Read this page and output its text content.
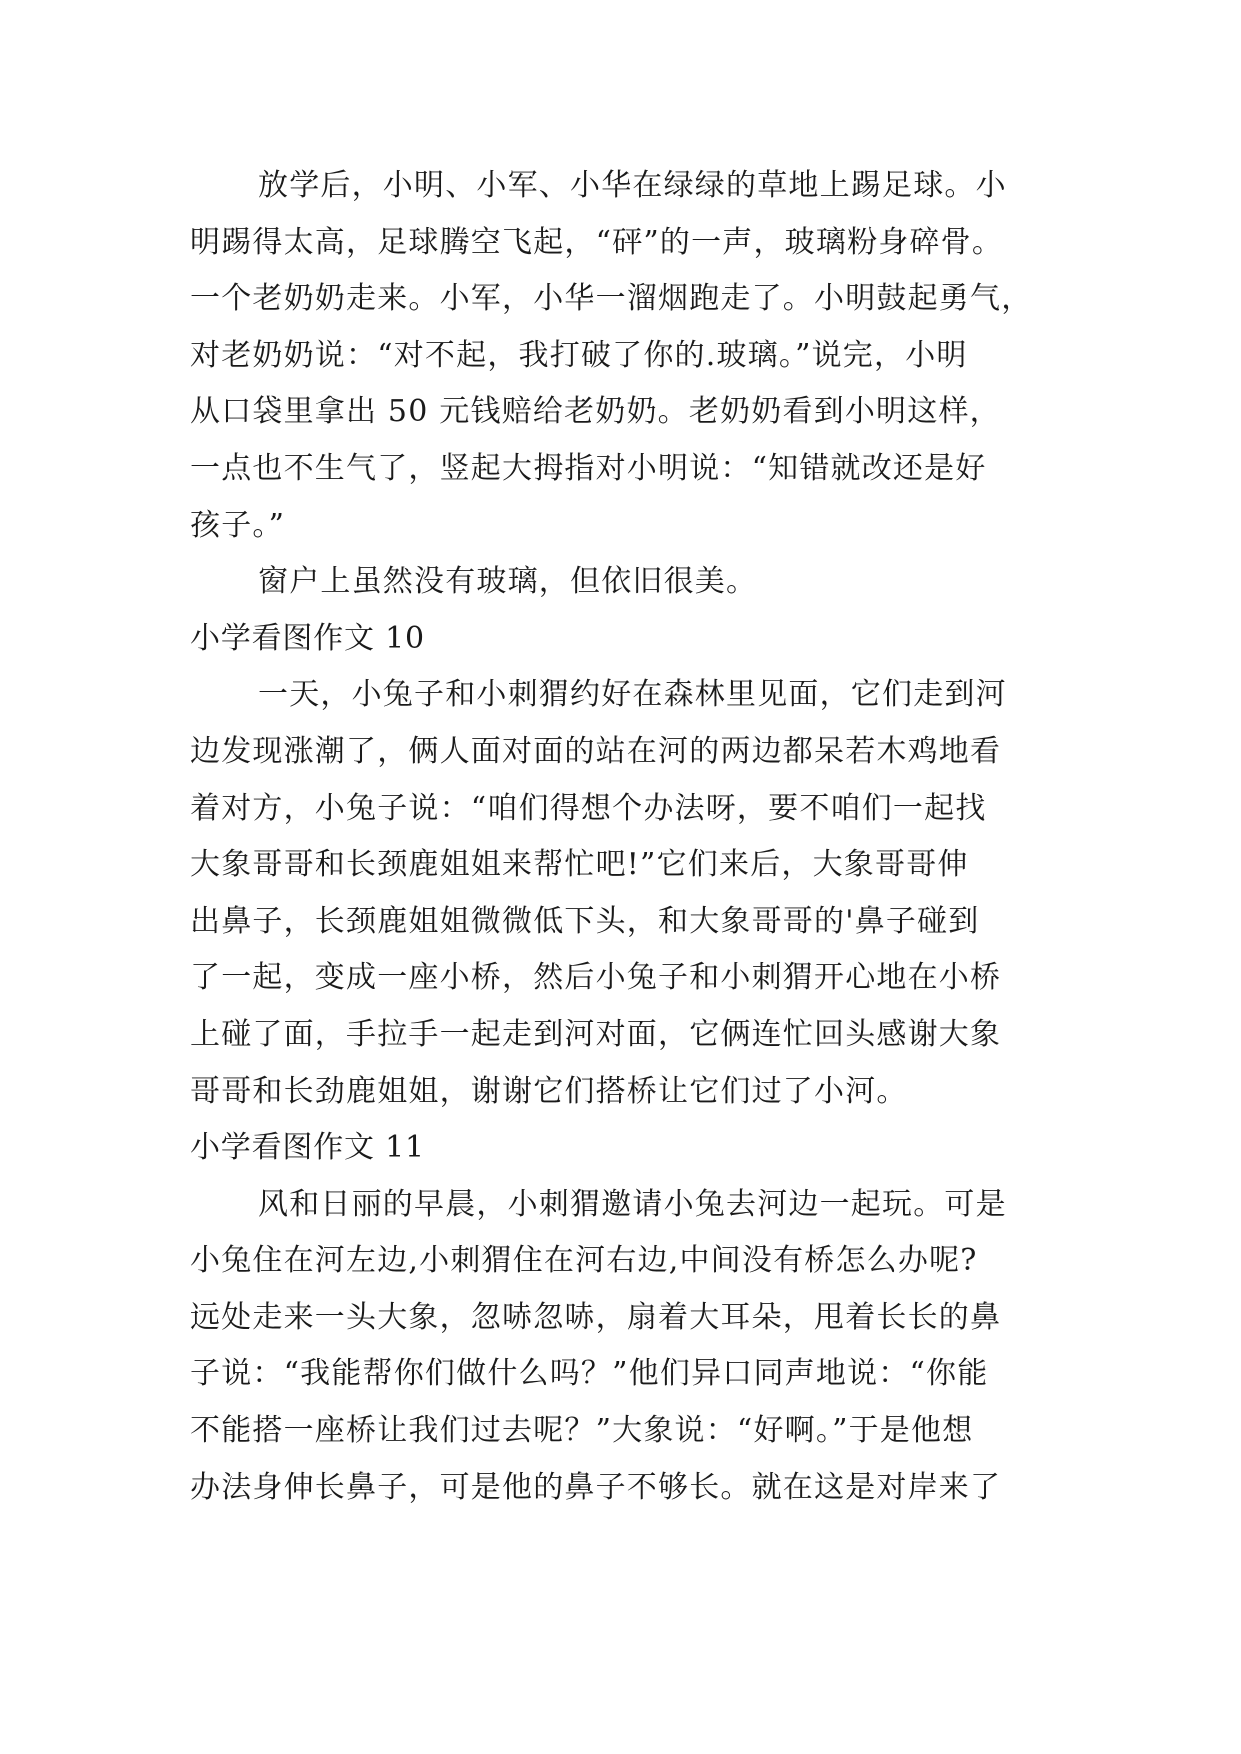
放学后，小明、小军、小华在绿绿的草地上踢足球。小
明踢得太高，足球腾空飞起，“砰”的一声，玻璃粉身碎骨。
一个老奶奶走来。小军，小华一溜烟跑走了。小明鼓起勇气，
对老奶奶说：“对不起，我打破了你的.玻璃。”说完，小明
从口袋里拿出 50 元钱赔给老奶奶。老奶奶看到小明这样，
一点也不生气了，竖起大拇指对小明说：“知错就改还是好
孩子。”
窗户上虽然没有玻璃，但依旧很美。
小学看图作文 10
一天，小兔子和小刺猬约好在森林里见面，它们走到河
边发现涨潮了，俩人面对面的站在河的两边都呆若木鸡地看
着对方，小兔子说：“咱们得想个办法呀，要不咱们一起找
大象哥哥和长颈鹿姐姐来帮忙吧!”它们来后，大象哥哥伸
出鼻子，长颈鹿姐姐微微低下头，和大象哥哥的'鼻子碰到
了一起，变成一座小桥，然后小兔子和小刺猬开心地在小桥
上碰了面，手拉手一起走到河对面，它俩连忙回头感谢大象
哥哥和长劲鹿姐姐，谢谢它们搭桥让它们过了小河。
小学看图作文 11
风和日丽的早晨，小刺猬邀请小兔去河边一起玩。可是
小兔住在河左边,小刺猬住在河右边,中间没有桥怎么办呢?
远处走来一头大象，忽哧忽哧，扇着大耳朵，甩着长长的鼻
子说：“我能帮你们做什么吗？”他们异口同声地说：“你能
不能搭一座桥让我们过去呢？”大象说：“好啊。”于是他想
办法身伸长鼻子，可是他的鼻子不够长。就在这是对岸来了
